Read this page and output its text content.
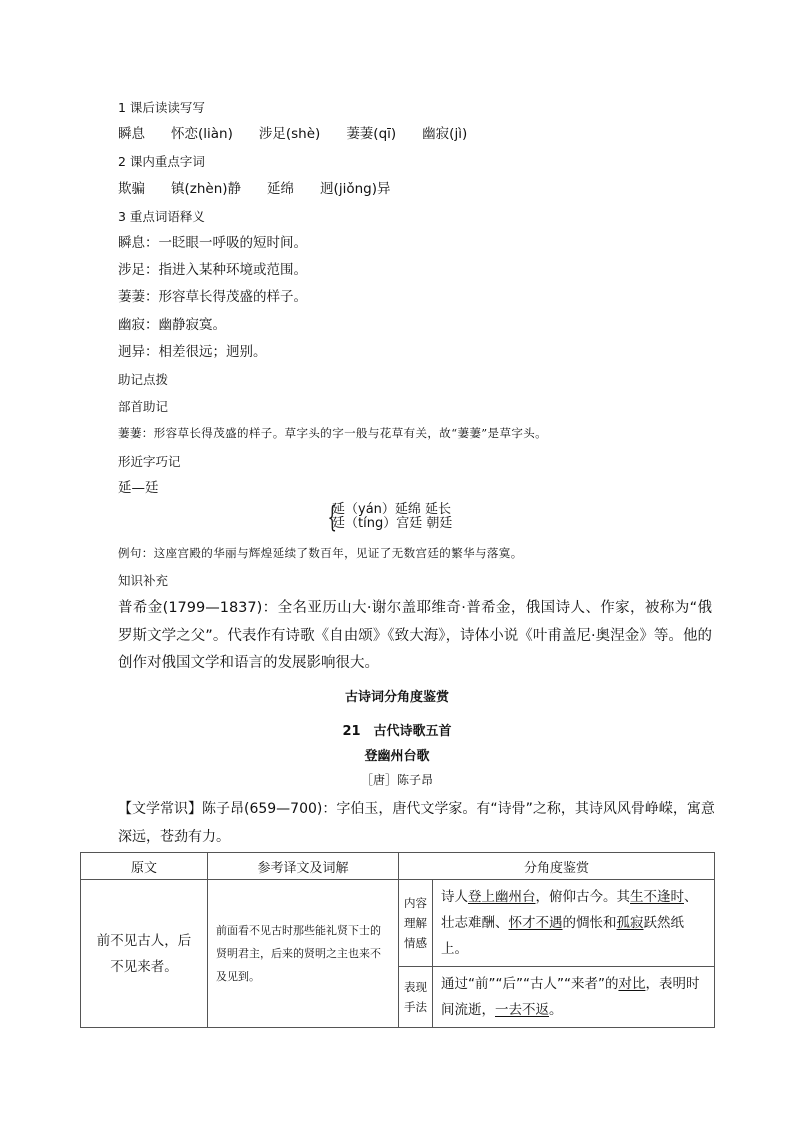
1 课后读读写写
瞬息 怀恋(liàn) 涉足(shè) 萋萋(qī) 幽寂(jì)
2 课内重点字词
欺骗 镇(zhèn)静 延绵 迥(jiǒng)异
3 重点词语释义
瞬息：一眨眼一呼吸的短时间。
涉足：指进入某种环境或范围。
萋萋：形容草长得茂盛的样子。
幽寂：幽静寂寞。
迥异：相差很远；迥别。
助记点拨
部首助记
萋萋：形容草长得茂盛的样子。草字头的字一般与花草有关，故“萋萋”是草字头。
形近字巧记
延—廷
{
延（yán）延绵 延长
廷（tíng）宫廷 朝廷
例句：这座宫殿的华丽与辉煌延续了数百年，见证了无数宫廷的繁华与落寞。
知识补充
普希金(1799—1837)：全名亚历山大·谢尔盖耶维奇·普希金，俄国诗人、作家，被称为“俄罗斯文学之父”。代表作有诗歌《自由颂》《致大海》，诗体小说《叶甫盖尼·奥涅金》等。他的创作对俄国文学和语言的发展影响很大。
古诗词分角度鉴赏
21　古代诗歌五首
登幽州台歌
［唐］陈子昂
【文学常识】陈子昂(659—700)：字伯玉，唐代文学家。有“诗骨”之称，其诗风风骨峥嵘，寓意深远，苍劲有力。
原文	参考译文及词解	分角度鉴赏	
前不见古人，后不见来者。	前面看不见古时那些能礼贤下士的贤明君主，后来的贤明之主也来不及见到。	内容理解情感	诗人登上幽州台，俯仰古今。其生不逢时、壮志难酬、怀才不遇的惆怅和孤寂跃然纸上。
		表现手法	通过“前”“后”“古人”“来者”的对比，表明时间流逝，一去不返。
